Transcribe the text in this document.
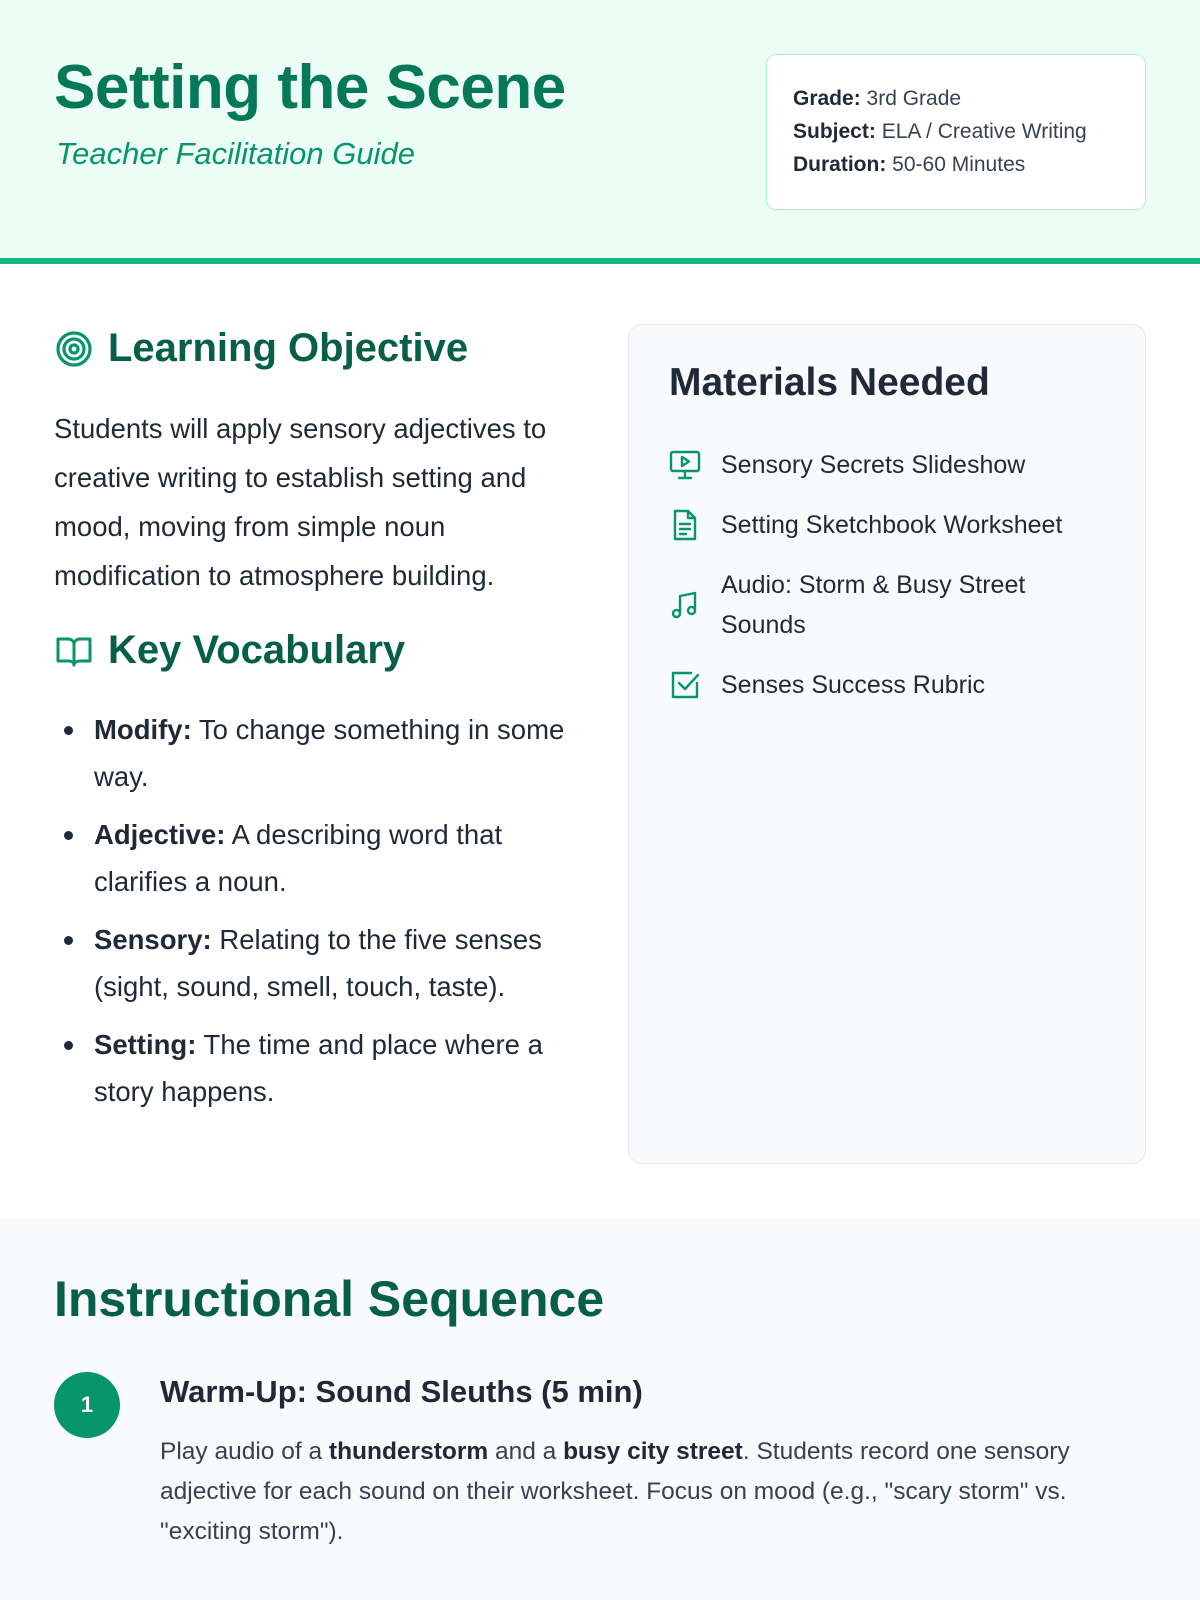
Setting the Scene
Teacher Facilitation Guide
Grade: 3rd Grade
Subject: ELA / Creative Writing
Duration: 50-60 Minutes
Learning Objective
Students will apply sensory adjectives to creative writing to establish setting and mood, moving from simple noun modification to atmosphere building.
Key Vocabulary
Modify: To change something in some way.
Adjective: A describing word that clarifies a noun.
Sensory: Relating to the five senses (sight, sound, smell, touch, taste).
Setting: The time and place where a story happens.
Materials Needed
Sensory Secrets Slideshow
Setting Sketchbook Worksheet
Audio: Storm & Busy Street Sounds
Senses Success Rubric
Instructional Sequence
1	Warm-Up: Sound Sleuths (5 min)
Play audio of a thunderstorm and a busy city street. Students record one sensory adjective for each sound on their worksheet. Focus on mood (e.g., "scary storm" vs. "exciting storm").
